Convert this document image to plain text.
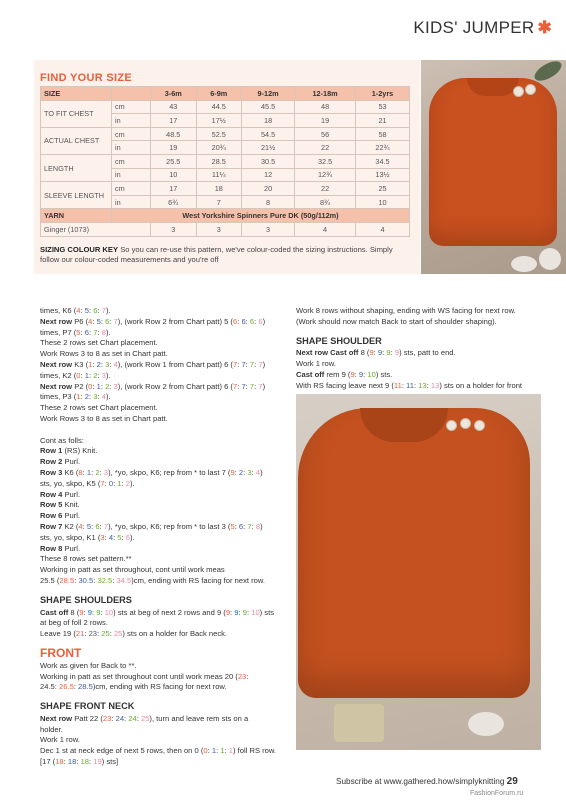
KIDS' JUMPER ✱
FIND YOUR SIZE
SIZE		3-6m	6-9m	9-12m	12-18m	1-2yrs
TO FIT CHEST	cm	43	44.5	45.5	48	53
	in	17	17½	18	19	21
ACTUAL CHEST	cm	48.5	52.5	54.5	56	58
	in	19	20¾	21½	22	22¾
LENGTH	cm	25.5	28.5	30.5	32.5	34.5
	in	10	11¼	12	12¾	13½
SLEEVE LENGTH	cm	17	18	20	22	25
	in	6¾	7	8	8¾	10
YARN	West Yorkshire Spinners Pure DK (50g/112m)					
Ginger (1073)		3	3	3	4	4
SIZING COLOUR KEY So you can re-use this pattern, we've colour-coded the sizing instructions. Simply follow our colour-coded measurements and you're off

times, K6 (4: 5: 6: 7).

Next row P6 (4: 5: 6: 7), (work Row 2 from Chart patt) 5 (6: 6: 6: 6)

times, P7 (5: 6: 7: 8).

These 2 rows set Chart placement.

Work Rows 3 to 8 as set in Chart patt.

Next row K3 (1: 2: 3: 4), (work Row 1 from Chart patt) 6 (7: 7: 7: 7)

times, K2 (0: 1: 2: 3).

Next row P2 (0: 1: 2: 3), (work Row 2 from Chart patt) 6 (7: 7: 7: 7)

times, P3 (1: 2: 3: 4).

These 2 rows set Chart placement.

Work Rows 3 to 8 as set in Chart patt.

Cont as folls:

Row 1 (RS) Knit.

Row 2 Purl.

Row 3 K6 (8: 1: 2: 3), *yo, skpo, K6; rep from * to last 7 (9: 2: 3: 4)

sts, yo, skpo, K5 (7: 0: 1: 2).

Row 4 Purl.

Row 5 Knit.

Row 6 Purl.

Row 7 K2 (4: 5: 6: 7), *yo, skpo, K6; rep from * to last 3 (5: 6: 7: 8)

sts, yo, skpo, K1 (3: 4: 5: 6).

Row 8 Purl.

These 8 rows set pattern.**

Working in patt as set throughout, cont until work meas

25.5 (28.5: 30.5: 32.5: 34.5)cm, ending with RS facing for next row.

SHAPE SHOULDERS

Cast off 8 (9: 9: 9: 10) sts at beg of next 2 rows and 9 (9: 9: 9: 10) sts

at beg of foll 2 rows.

Leave 19 (21: 23: 25: 25) sts on a holder for Back neck.

FRONT

Work as given for Back to **.

Working in patt as set throughout cont until work meas 20 (23:

24.5: 26.5: 28.5)cm, ending with RS facing for next row.

SHAPE FRONT NECK

Next row Patt 22 (23: 24: 24: 25), turn and leave rem sts on a

holder.

Work 1 row.

Dec 1 st at neck edge of next 5 rows, then on 0 (0: 1: 1: 1) foll RS row.

[17 (18: 18: 18: 19) sts]

Work 8 rows without shaping, ending with WS facing for next row.

(Work should now match Back to start of shoulder shaping).

SHAPE SHOULDER

Next row Cast off 8 (9: 9: 9: 9) sts, patt to end.

Work 1 row.

Cast off rem 9 (9: 9: 10) sts.

With RS facing leave next 9 (11: 11: 13: 13) sts on a holder for front

Subscribe at www.gathered.how/simplyknitting 29
FashionForum.ru
